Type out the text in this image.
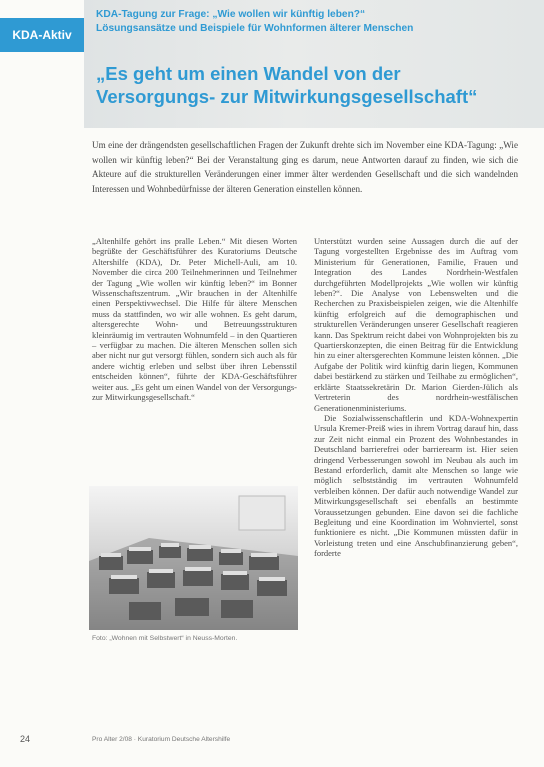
KDA-Aktiv
KDA-Tagung zur Frage: „Wie wollen wir künftig leben?“
Lösungsansätze und Beispiele für Wohnformen älterer Menschen
„Es geht um einen Wandel von der
Versorgungs- zur Mitwirkungsgesellschaft“
Um eine der drängendsten gesellschaftlichen Fragen der Zukunft drehte sich im November eine KDA-Tagung: „Wie wollen wir künftig leben?“ Bei der Veranstaltung ging es darum, neue Antworten darauf zu finden, wie sich die Akteure auf die strukturellen Veränderungen einer immer älter werdenden Gesellschaft und die sich wandelnden Interessen und Wohnbedürfnisse der älteren Generation einstellen können.

„Altenhilfe gehört ins pralle Leben.“ Mit diesen Worten begrüßte der Geschäftsführer des Kuratoriums Deutsche Altershilfe (KDA), Dr. Peter Michell-Auli, am 10. November die circa 200 Teilnehmerinnen und Teilnehmer der Tagung „Wie wollen wir künftig leben?“ im Bonner Wissenschaftszentrum. „Wir brauchen in der Altenhilfe einen Perspektivwechsel. Die Hilfe für ältere Menschen muss da stattfinden, wo wir alle wohnen. Es geht darum, altersgerechte Wohn- und Betreuungsstrukturen kleinräumig im vertrauten Wohnumfeld – in den Quartieren – verfügbar zu machen. Die älteren Menschen sollen sich aber nicht nur gut versorgt fühlen, sondern sich auch als für andere wichtig erleben und selbst über ihren Lebensstil entscheiden können“, führte der KDA-Geschäftsführer weiter aus. „Es geht um einen Wandel von der Versorgungs- zur Mitwirkungsgesellschaft.“

Unterstützt wurden seine Aussagen durch die auf der Tagung vorgestellten Ergebnisse des im Auftrag vom Ministerium für Generationen, Familie, Frauen und Integration des Landes Nordrhein-Westfalen durchgeführten Modellprojekts „Wie wollen wir künftig leben?“. Die Analyse von Lebenswelten und die Recherchen zu Praxisbeispielen zeigen, wie die Altenhilfe künftig erfolgreich auf die demographischen und strukturellen Veränderungen unserer Gesellschaft reagieren kann. Das Spektrum reicht dabei von Wohnprojekten bis zu Quartierskonzepten, die einen Beitrag für die Entwicklung hin zu einer altersgerechten Kommune leisten können. „Die Aufgabe der Politik wird künftig darin liegen, Kommunen dabei bestärkend zu stärken und Teilhabe zu ermöglichen“, erklärte Staatssekretärin Dr. Marion Gierden-Jülich als Vertreterin des nordrhein-westfälischen Generationenministeriums.

Die Sozialwissenschaftlerin und KDA-Wohnexpertin Ursula Kremer-Preiß wies in ihrem Vortrag darauf hin, dass zur Zeit nicht einmal ein Prozent des Wohnbestandes in Deutschland barrierefrei oder barrierearm ist. Hier seien dringend Verbesserungen sowohl im Neubau als auch im Bestand erforderlich, damit alte Menschen so lange wie möglich selbstständig im vertrauten Wohnumfeld verbleiben können. Der dafür auch notwendige Wandel zur Mitwirkungsgesellschaft sei ebenfalls an bestimmte Voraussetzungen gebunden. Eine davon sei die fachliche Begleitung und eine Koordination im Wohnviertel, sonst funktioniere es nicht. „Die Kommunen müssten dafür in Vorleistung treten und eine Anschubfinanzierung geben“, forderte

Foto: „Wohnen mit Selbstwert“ in Neuss-Morten.
24	Pro Alter 2/08 · Kuratorium Deutsche Altershilfe
